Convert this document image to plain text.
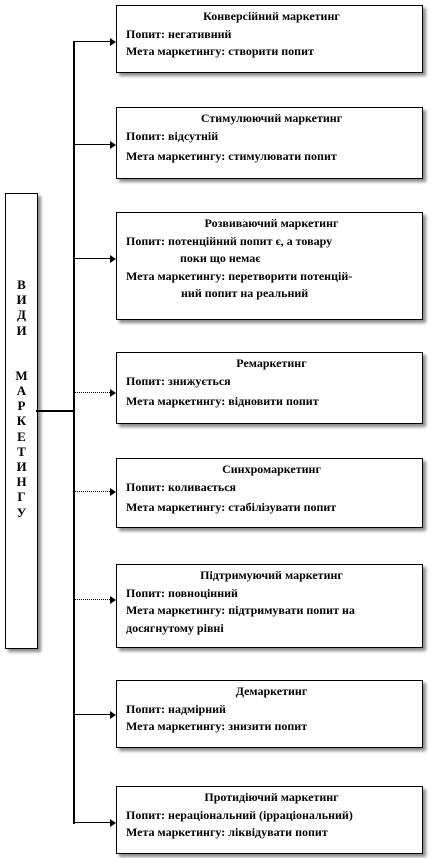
В
И
Д
И
М
А
Р
К
Е
Т
И
Н
Г
У
Конверсійний маркетинг
Попит: негативний
Мета маркетингу: створити попит
Стимулюючий маркетинг
Попит: відсутній
Мета маркетингу: стимулювати попит
Розвиваючий маркетинг
Попит: потенційний попит є, а товару
поки що немає
Мета маркетингу: перетворити потенцій-
ний попит на реальний
Ремаркетинг
Попит: знижується
Мета маркетингу: відновити попит
Синхромаркетинг
Попит: коливається
Мета маркетингу: стабілізувати попит
Підтримуючий маркетинг
Попит: повноцінний
Мета маркетингу: підтримувати попит на
досягнутому рівні
Демаркетинг
Попит: надмірний
Мета маркетингу: знизити попит
Протидіючий маркетинг
Попит: нераціональний (ірраціональний)
Мета маркетингу: ліквідувати попит
